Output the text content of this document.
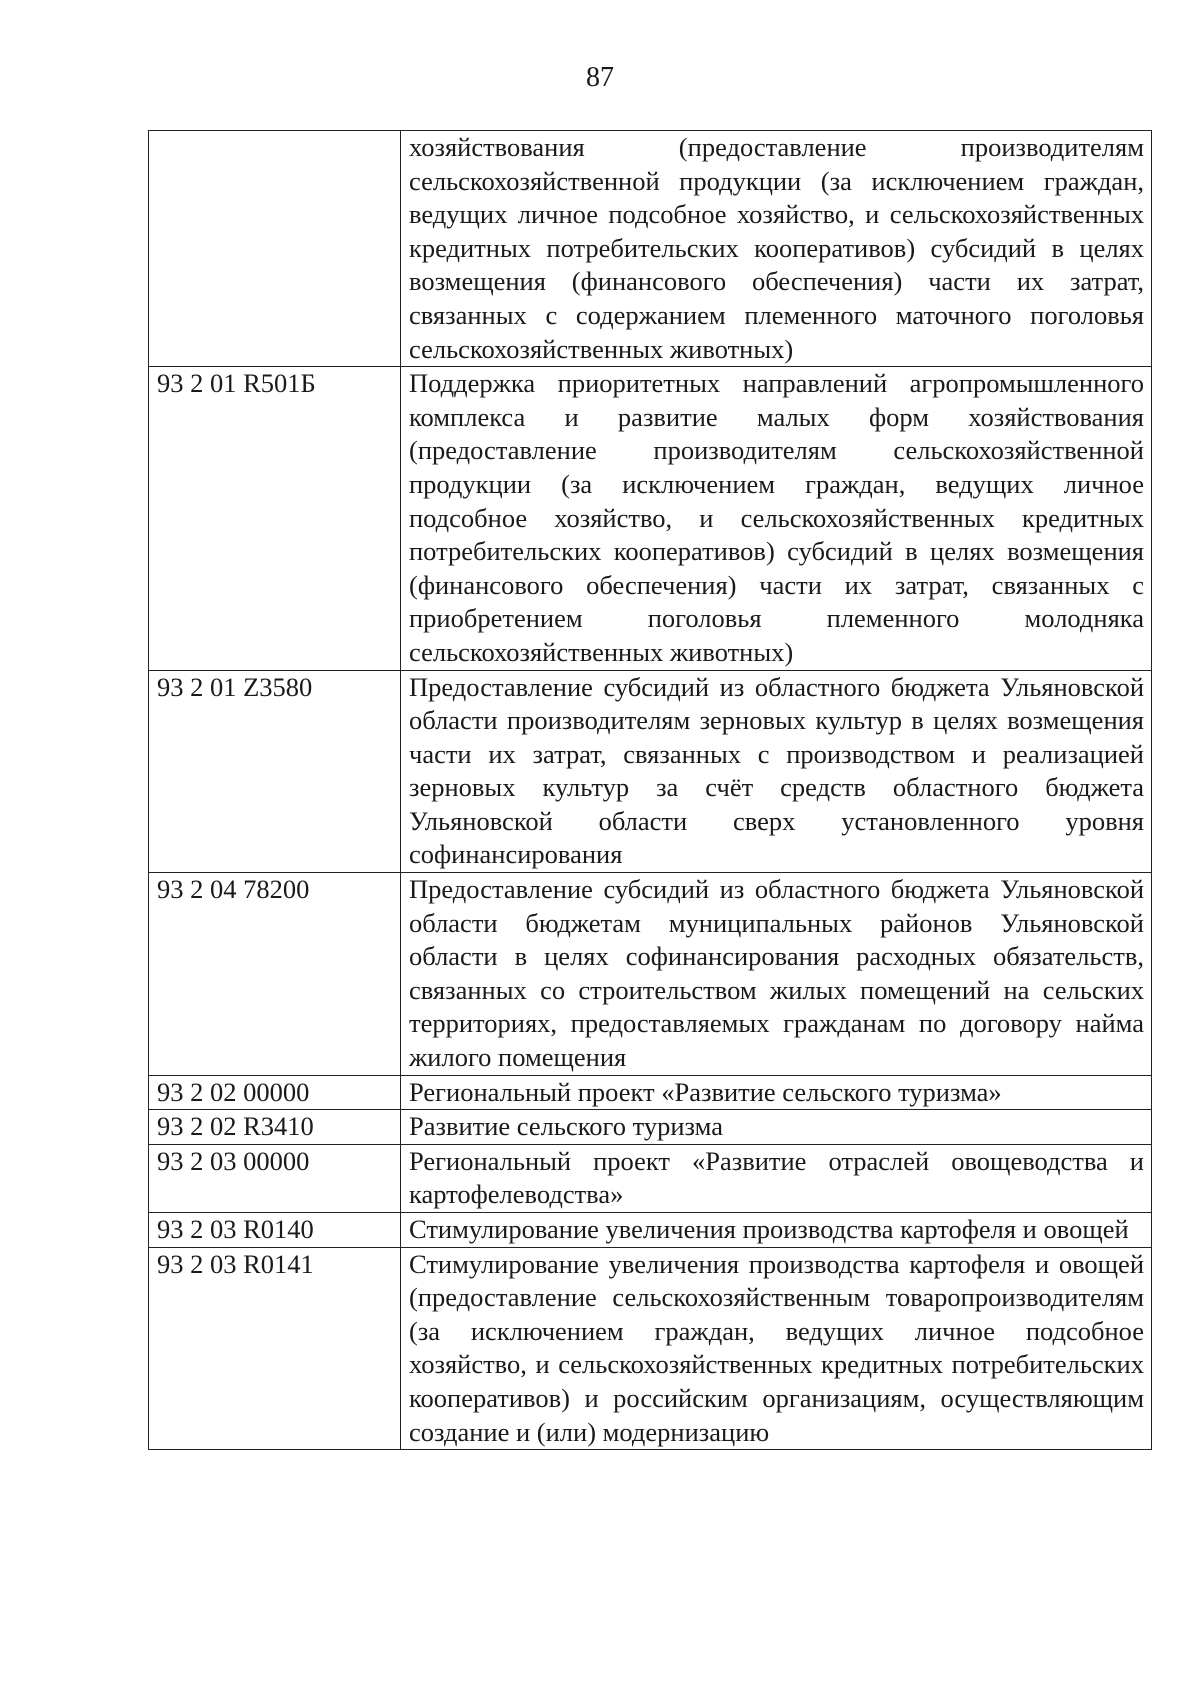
87
	хозяйствования (предоставление производителям сельскохозяйственной продукции (за исключением граждан, ведущих личное подсобное хозяйство, и сельскохозяйственных кредитных потребительских кооперативов) субсидий в целях возмещения (финансового обеспечения) части их затрат, связанных с содержанием племенного маточного поголовья сельскохозяйственных животных)
93 2 01 R501Б	Поддержка приоритетных направлений агропромышленного комплекса и развитие малых форм хозяйствования (предоставление производителям сельскохозяйственной продукции (за исключением граждан, ведущих личное подсобное хозяйство, и сельскохозяйственных кредитных потребительских кооперативов) субсидий в целях возмещения (финансового обеспечения) части их затрат, связанных с приобретением поголовья племенного молодняка сельскохозяйственных животных)
93 2 01 Z3580	Предоставление субсидий из областного бюджета Ульяновской области производителям зерновых культур в целях возмещения части их затрат, связанных с производством и реализацией зерновых культур за счёт средств областного бюджета Ульяновской области сверх установленного уровня софинансирования
93 2 04 78200	Предоставление субсидий из областного бюджета Ульяновской области бюджетам муниципальных районов Ульяновской области в целях софинансирования расходных обязательств, связанных со строительством жилых помещений на сельских территориях, предоставляемых гражданам по договору найма жилого помещения
93 2 02 00000	Региональный проект «Развитие сельского туризма»
93 2 02 R3410	Развитие сельского туризма
93 2 03 00000	Региональный проект «Развитие отраслей овощеводства и картофелеводства»
93 2 03 R0140	Стимулирование увеличения производства картофеля и овощей
93 2 03 R0141	Стимулирование увеличения производства картофеля и овощей (предоставление сельскохозяйственным товаропроизводителям (за исключением граждан, ведущих личное подсобное хозяйство, и сельскохозяйственных кредитных потребительских кооперативов) и российским организациям, осуществляющим создание и (или) модернизацию
